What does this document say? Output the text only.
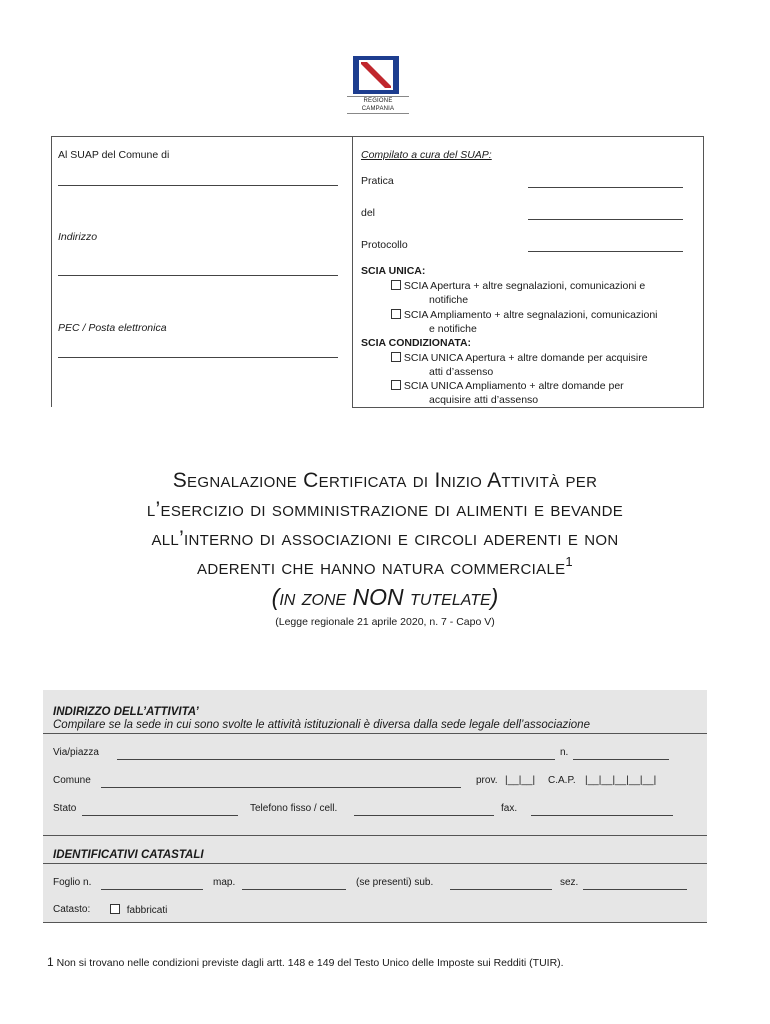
REGIONE CAMPANIA
Al SUAP del Comune di
Indirizzo
PEC / Posta elettronica
Compilato a cura del SUAP:
Pratica
del
Protocollo
SCIA UNICA:
SCIA Apertura + altre segnalazioni, comunicazioni e
notifiche
SCIA Ampliamento + altre segnalazioni, comunicazioni
e notifiche
SCIA CONDIZIONATA:
SCIA UNICA Apertura + altre domande per acquisire
atti d’assenso
SCIA UNICA Ampliamento + altre domande per
acquisire atti d’assenso
Segnalazione Certificata di Inizio Attività per
l’esercizio di somministrazione di alimenti e bevande
all’interno di associazioni e circoli aderenti e non
aderenti che hanno natura commerciale$^1$
(in zone NON tutelate)
(Legge regionale 21 aprile 2020, n. 7 - Capo V)
INDIRIZZO DELL’ATTIVITA’
Compilare se la sede in cui sono svolte le attività istituzionali è diversa dalla sede legale dell’associazione
Via/piazza	n.
Comune	prov. |__|__| C.A.P. |__|__|__|__|__|
Stato	Telefono fisso / cell.	fax.
IDENTIFICATIVI CATASTALI
Foglio n.	map.	(se presenti) sub.	sez.
Catasto:	fabbricati
1 Non si trovano nelle condizioni previste dagli artt. 148 e 149 del Testo Unico delle Imposte sui Redditi (TUIR).
